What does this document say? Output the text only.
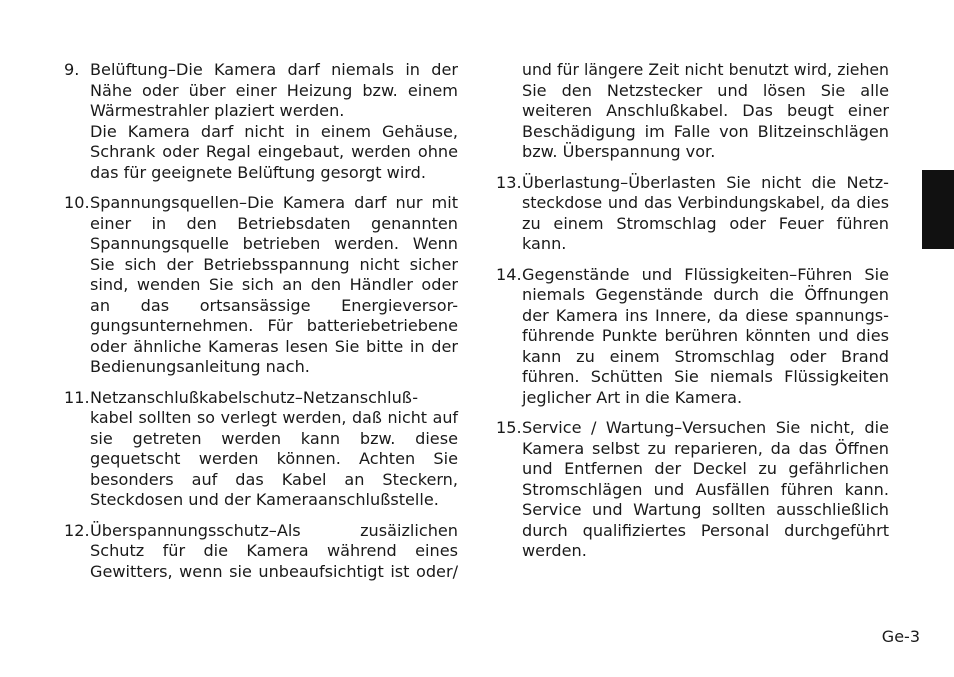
9. Belüftung–Die Kamera darf niemals in der
Nähe oder über einer Heizung bzw. einem
Wärmestrahler plaziert werden.
Die Kamera darf nicht in einem Gehäuse,
Schrank oder Regal eingebaut, werden ohne
das für geeignete Belüftung gesorgt wird.
10. Spannungsquellen–Die Kamera darf nur mit
einer in den Betriebsdaten genannten
Spannungsquelle betrieben werden. Wenn
Sie sich der Betriebsspannung nicht sicher
sind, wenden Sie sich an den Händler oder
an das ortsansässige Energieversor-
gungsunternehmen. Für batteriebetriebene
oder ähnliche Kameras lesen Sie bitte in der
Bedienungsanleitung nach.
11. Netzanschlußkabelschutz–Netzanschluß-
kabel sollten so verlegt werden, daß nicht auf
sie getreten werden kann bzw. diese
gequetscht werden können. Achten Sie
besonders auf das Kabel an Steckern,
Steckdosen und der Kameraanschlußstelle.
12. Überspannungsschutz–Als zusäizlichen
Schutz für die Kamera während eines
Gewitters, wenn sie unbeaufsichtigt ist oder/
und für längere Zeit nicht benutzt wird, ziehen
Sie den Netzstecker und lösen Sie alle
weiteren Anschlußkabel. Das beugt einer
Beschädigung im Falle von Blitzeinschlägen
bzw. Überspannung vor.
13. Überlastung–Überlasten Sie nicht die Netz-
steckdose und das Verbindungskabel, da dies
zu einem Stromschlag oder Feuer führen
kann.
14. Gegenstände und Flüssigkeiten–Führen Sie
niemals Gegenstände durch die Öffnungen
der Kamera ins Innere, da diese spannungs-
führende Punkte berühren könnten und dies
kann zu einem Stromschlag oder Brand
führen. Schütten Sie niemals Flüssigkeiten
jeglicher Art in die Kamera.
15. Service / Wartung–Versuchen Sie nicht, die
Kamera selbst zu reparieren, da das Öffnen
und Entfernen der Deckel zu gefährlichen
Stromschlägen und Ausfällen führen kann.
Service und Wartung sollten ausschließlich
durch qualifiziertes Personal durchgeführt
werden.
Ge-3
